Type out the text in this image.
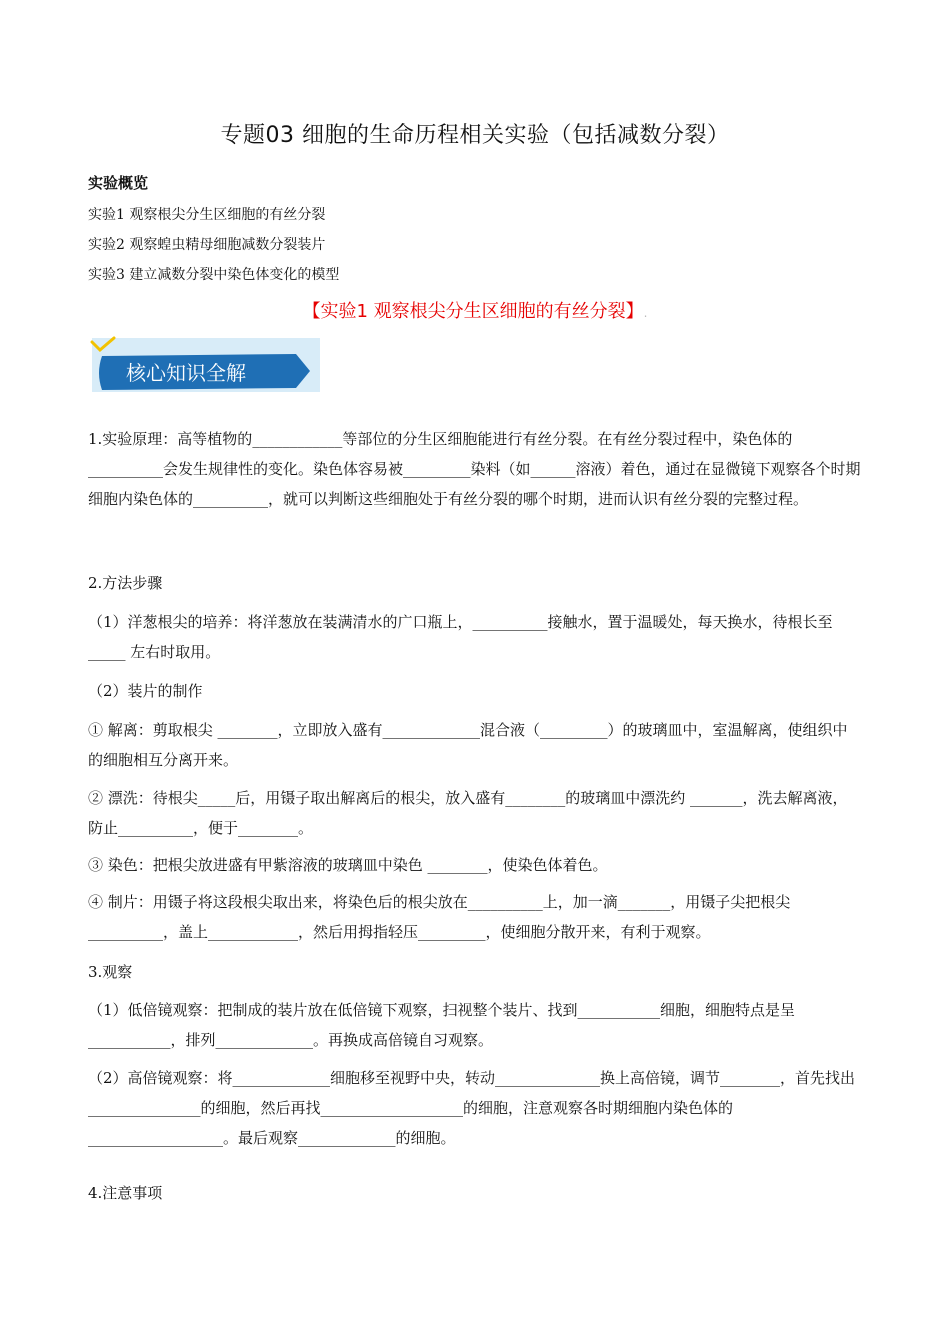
专题03 细胞的生命历程相关实验（包括减数分裂）
实验概览
实验1 观察根尖分生区细胞的有丝分裂
实验2 观察蝗虫精母细胞减数分裂装片
实验3 建立减数分裂中染色体变化的模型
【实验1 观察根尖分生区细胞的有丝分裂】.
核心知识全解

1.实验原理：高等植物的____________等部位的分生区细胞能进行有丝分裂。在有丝分裂过程中，染色体的__________会发生规律性的变化。染色体容易被_________染料（如______溶液）着色，通过在显微镜下观察各个时期细胞内染色体的__________，就可以判断这些细胞处于有丝分裂的哪个时期，进而认识有丝分裂的完整过程。

2.方法步骤

（1）洋葱根尖的培养：将洋葱放在装满清水的广口瓶上，__________接触水，置于温暖处，每天换水，待根长至 _____ 左右时取用。

（2）装片的制作

① 解离：剪取根尖 ________，立即放入盛有_____________混合液（_________）的玻璃皿中，室温解离，使组织中的细胞相互分离开来。

② 漂洗：待根尖_____后，用镊子取出解离后的根尖，放入盛有________的玻璃皿中漂洗约 _______，洗去解离液，防止__________，便于________。

③ 染色：把根尖放进盛有甲紫溶液的玻璃皿中染色 ________，使染色体着色。

④ 制片：用镊子将这段根尖取出来，将染色后的根尖放在__________上，加一滴_______，用镊子尖把根尖__________，盖上____________，然后用拇指轻压_________，使细胞分散开来，有利于观察。

3.观察

（1）低倍镜观察：把制成的装片放在低倍镜下观察，扫视整个装片、找到___________细胞，细胞特点是呈___________，排列_____________。再换成高倍镜自习观察。

（2）高倍镜观察：将_____________细胞移至视野中央，转动______________换上高倍镜，调节________，首先找出_______________的细胞，然后再找___________________的细胞，注意观察各时期细胞内染色体的__________________。最后观察_____________的细胞。

4.注意事项
